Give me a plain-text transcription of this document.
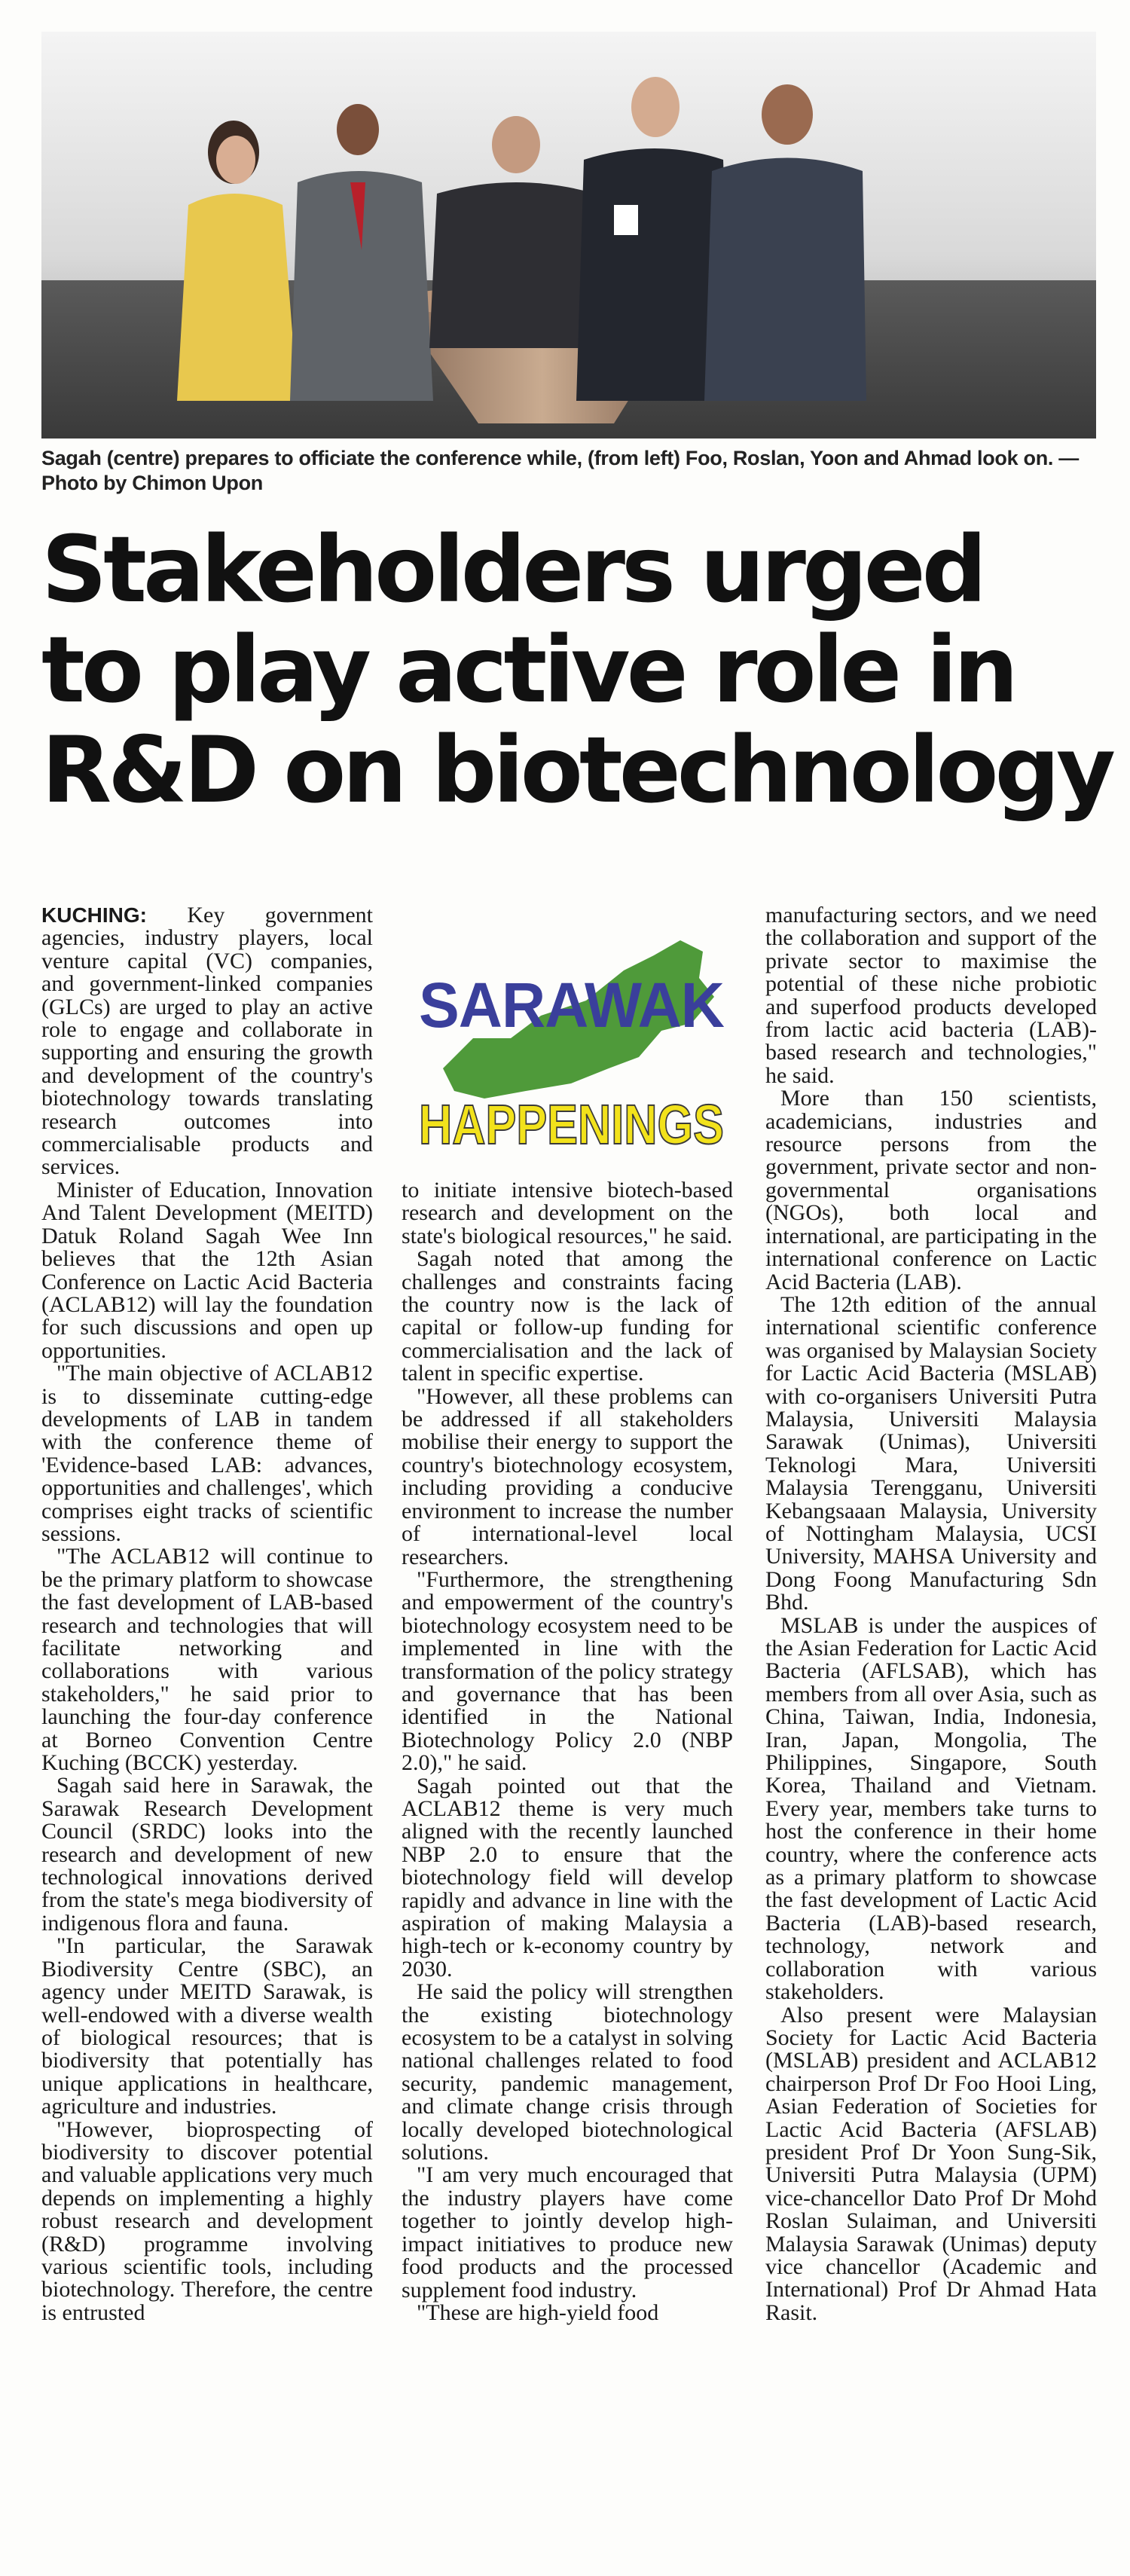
Sagah (centre) prepares to officiate the conference while, (from left) Foo, Roslan, Yoon and Ahmad look on. — Photo by Chimon Upon
Stakeholders urged
to play active role in
R&D on biotechnology
SARAWAK
HAPPENINGS

KUCHING: Key government agencies, industry players, local venture capital (VC) companies, and government-linked companies (GLCs) are urged to play an active role to engage and collaborate in supporting and ensuring the growth and development of the country's biotechnology towards translating research outcomes into commercialisable products and services.

Minister of Education, Innovation And Talent Development (MEITD) Datuk Roland Sagah Wee Inn believes that the 12th Asian Conference on Lactic Acid Bacteria (ACLAB12) will lay the foundation for such discussions and open up opportunities.

"The main objective of ACLAB12 is to disseminate cutting-edge developments of LAB in tandem with the conference theme of 'Evidence-based LAB: advances, opportunities and challenges', which comprises eight tracks of scientific sessions.

"The ACLAB12 will continue to be the primary platform to showcase the fast development of LAB-based research and technologies that will facilitate networking and collaborations with various stakeholders," he said prior to launching the four-day conference at Borneo Convention Centre Kuching (BCCK) yesterday.

Sagah said here in Sarawak, the Sarawak Research Development Council (SRDC) looks into the research and development of new technological innovations derived from the state's mega biodiversity of indigenous flora and fauna.

"In particular, the Sarawak Biodiversity Centre (SBC), an agency under MEITD Sarawak, is well-endowed with a diverse wealth of biological resources; that is biodiversity that potentially has unique applications in healthcare, agriculture and industries.

"However, bioprospecting of biodiversity to discover potential and valuable applications very much depends on implementing a highly robust research and development (R&D) programme involving various scientific tools, including biotechnology. Therefore, the centre is entrusted

to initiate intensive biotech-based research and development on the state's biological resources," he said.

Sagah noted that among the challenges and constraints facing the country now is the lack of capital or follow-up funding for commercialisation and the lack of talent in specific expertise.

"However, all these problems can be addressed if all stakeholders mobilise their energy to support the country's biotechnology ecosystem, including providing a conducive environment to increase the number of international-level local researchers.

"Furthermore, the strengthening and empowerment of the country's biotechnology ecosystem need to be implemented in line with the transformation of the policy strategy and governance that has been identified in the National Biotechnology Policy 2.0 (NBP 2.0)," he said.

Sagah pointed out that the ACLAB12 theme is very much aligned with the recently launched NBP 2.0 to ensure that the biotechnology field will develop rapidly and advance in line with the aspiration of making Malaysia a high-tech or k-economy country by 2030.

He said the policy will strengthen the existing biotechnology ecosystem to be a catalyst in solving national challenges related to food security, pandemic management, and climate change crisis through locally developed biotechnological solutions.

"I am very much encouraged that the industry players have come together to jointly develop high-impact initiatives to produce new food products and the processed supplement food industry.

"These are high-yield food

manufacturing sectors, and we need the collaboration and support of the private sector to maximise the potential of these niche probiotic and superfood products developed from lactic acid bacteria (LAB)-based research and technologies," he said.

More than 150 scientists, academicians, industries and resource persons from the government, private sector and non-governmental organisations (NGOs), both local and international, are participating in the international conference on Lactic Acid Bacteria (LAB).

The 12th edition of the annual international scientific conference was organised by Malaysian Society for Lactic Acid Bacteria (MSLAB) with co-organisers Universiti Putra Malaysia, Universiti Malaysia Sarawak (Unimas), Universiti Teknologi Mara, Universiti Malaysia Terengganu, Universiti Kebangsaaan Malaysia, University of Nottingham Malaysia, UCSI University, MAHSA University and Dong Foong Manufacturing Sdn Bhd.

MSLAB is under the auspices of the Asian Federation for Lactic Acid Bacteria (AFLSAB), which has members from all over Asia, such as China, Taiwan, India, Indonesia, Iran, Japan, Mongolia, The Philippines, Singapore, South Korea, Thailand and Vietnam. Every year, members take turns to host the conference in their home country, where the conference acts as a primary platform to showcase the fast development of Lactic Acid Bacteria (LAB)-based research, technology, network and collaboration with various stakeholders.

Also present were Malaysian Society for Lactic Acid Bacteria (MSLAB) president and ACLAB12 chairperson Prof Dr Foo Hooi Ling, Asian Federation of Societies for Lactic Acid Bacteria (AFSLAB) president Prof Dr Yoon Sung-Sik, Universiti Putra Malaysia (UPM) vice-chancellor Dato Prof Dr Mohd Roslan Sulaiman, and Universiti Malaysia Sarawak (Unimas) deputy vice chancellor (Academic and International) Prof Dr Ahmad Hata Rasit.
